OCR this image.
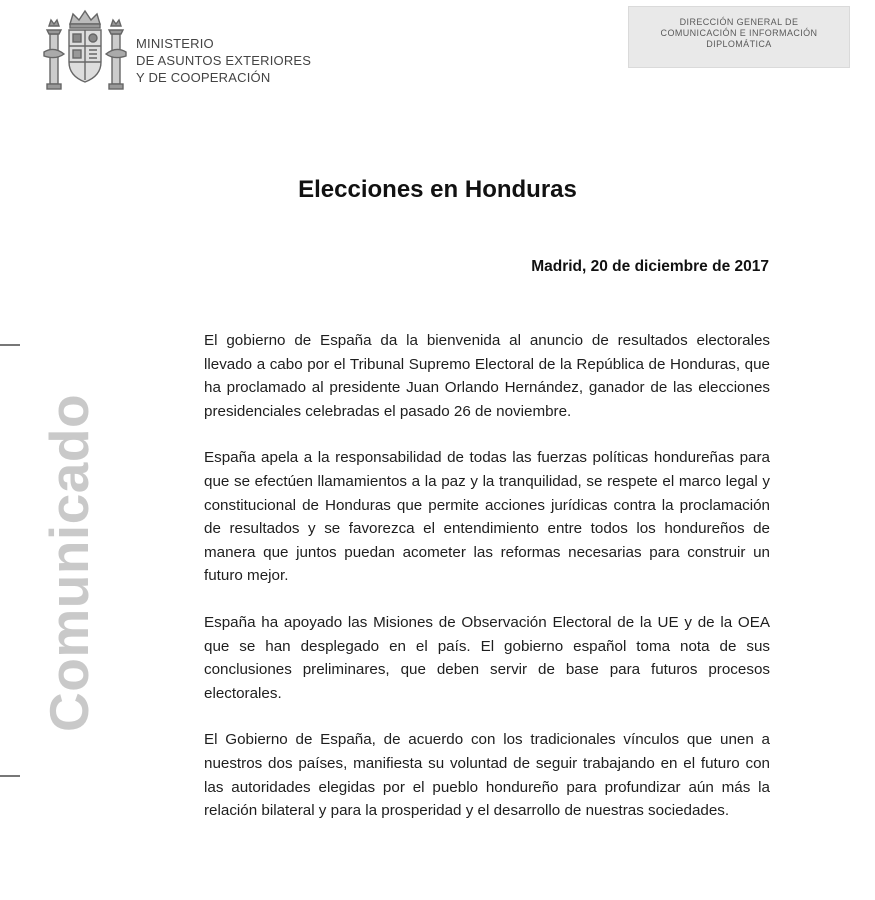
MINISTERIO
DE ASUNTOS EXTERIORES
Y DE COOPERACIÓN
DIRECCIÓN GENERAL DE
COMUNICACIÓN E INFORMACIÓN
DIPLOMÁTICA
Elecciones en Honduras
Madrid, 20 de diciembre de 2017
Comunicado

El gobierno de España da la bienvenida al anuncio de resultados electorales llevado a cabo por el Tribunal Supremo Electoral de la República de Honduras, que ha proclamado al presidente Juan Orlando Hernández, ganador de las elecciones presidenciales celebradas el pasado 26 de noviembre.

España apela a la responsabilidad de todas las fuerzas políticas hondureñas para que se efectúen llamamientos a la paz y la tranquilidad, se respete el marco legal y constitucional de Honduras que permite acciones jurídicas contra la proclamación de resultados y se favorezca el entendimiento entre todos los hondureños de manera que juntos puedan acometer las reformas necesarias para construir un futuro mejor.

España ha apoyado las Misiones de Observación Electoral de la UE y de la OEA que se han desplegado en el país. El gobierno español toma nota de sus conclusiones preliminares, que deben servir de base para futuros procesos electorales.

El Gobierno de España, de acuerdo con los tradicionales vínculos que unen a nuestros dos países, manifiesta su voluntad de seguir trabajando en el futuro con las autoridades elegidas por el pueblo hondureño para profundizar aún más la relación bilateral y para la prosperidad y el desarrollo de nuestras sociedades.
